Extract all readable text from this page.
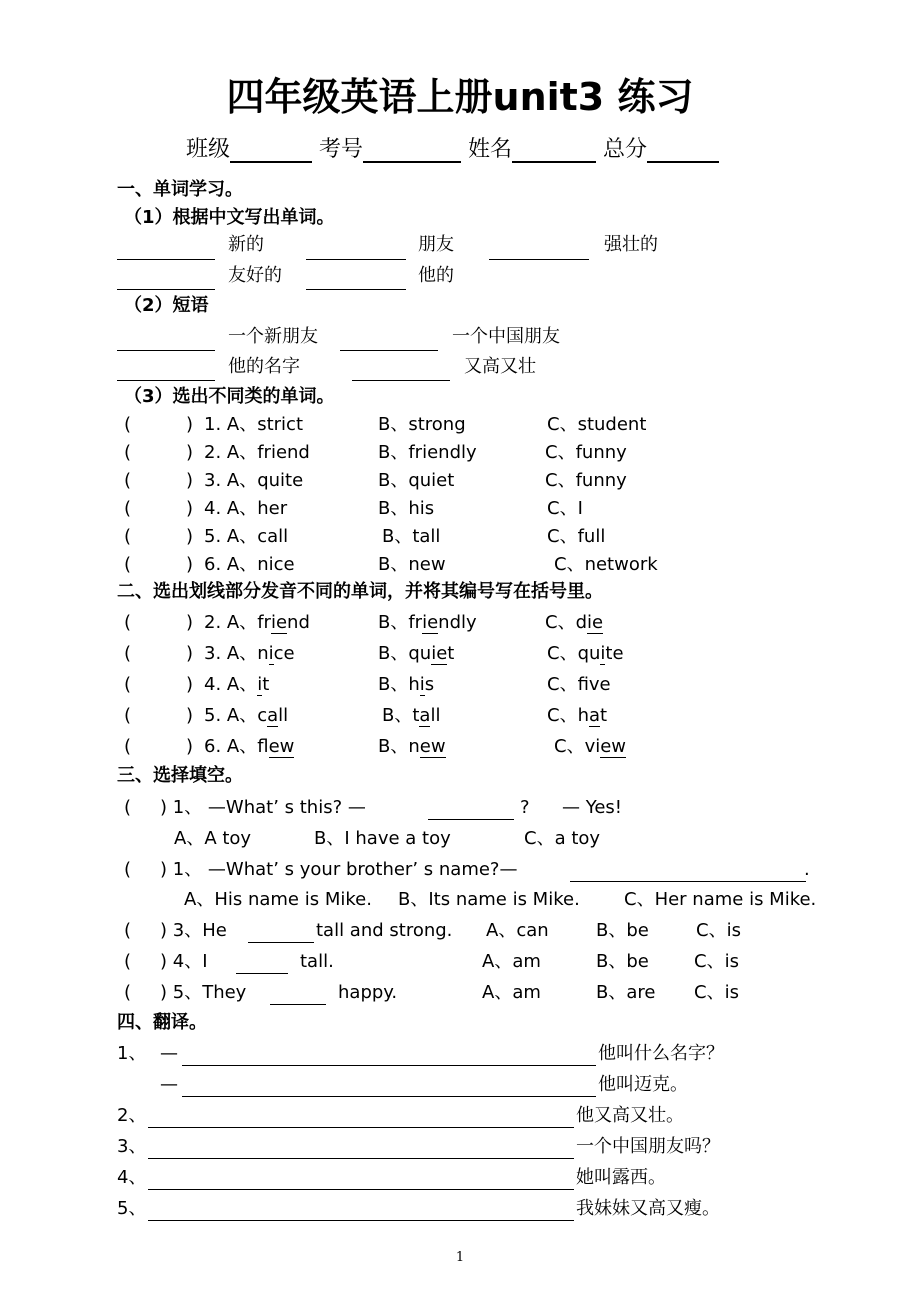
四年级英语上册unit3 练习
班级	考号	姓名	总分
一、单词学习。
（1）根据中文写出单词。
新的	朋友	强壮的
友好的	他的
（2）短语
一个新朋友	一个中国朋友
他的名字	又高又壮
（3）选出不同类的单词。
(	) 1. A、strict	B、strong	C、student
(	) 2. A、friend	B、friendly	C、funny
(	) 3. A、quite	B、quiet	C、funny
(	) 4. A、her	B、his	C、I
(	) 5. A、call	B、tall	C、full
(	) 6. A、nice	B、new	C、network
二、选出划线部分发音不同的单词，并将其编号写在括号里。
(	) 2. A、friend	B、friendly	C、die
(	) 3. A、nice	B、quiet	C、quite
(	) 4. A、it	B、his	C、fve
(	) 5. A、call	B、tall	C、hat
(	) 6. A、flew	B、new	C、view
三、选择填空。
( ) 1、 —What’ s this? —	? — Yes!
A、A toy	B、I have a toy	C、a toy
( ) 1、 —What’ s your brother’ s name?—	.
A、His name is Mike. B、Its name is Mike. C、Her name is Mike.
( ) 3、He	tall and strong. A、can	B、be	C、is
( ) 4、I	tall.	A、am	B、be	C、is
( ) 5、They	happy.	A、am	B、are C、is
四、翻译。
1、 —	他叫什么名字？
—	他叫迈克。
2、	他又高又壮。
3、	一个中国朋友吗？
4、	她叫露西。
5、	我妹妹又高又瘦。
1
